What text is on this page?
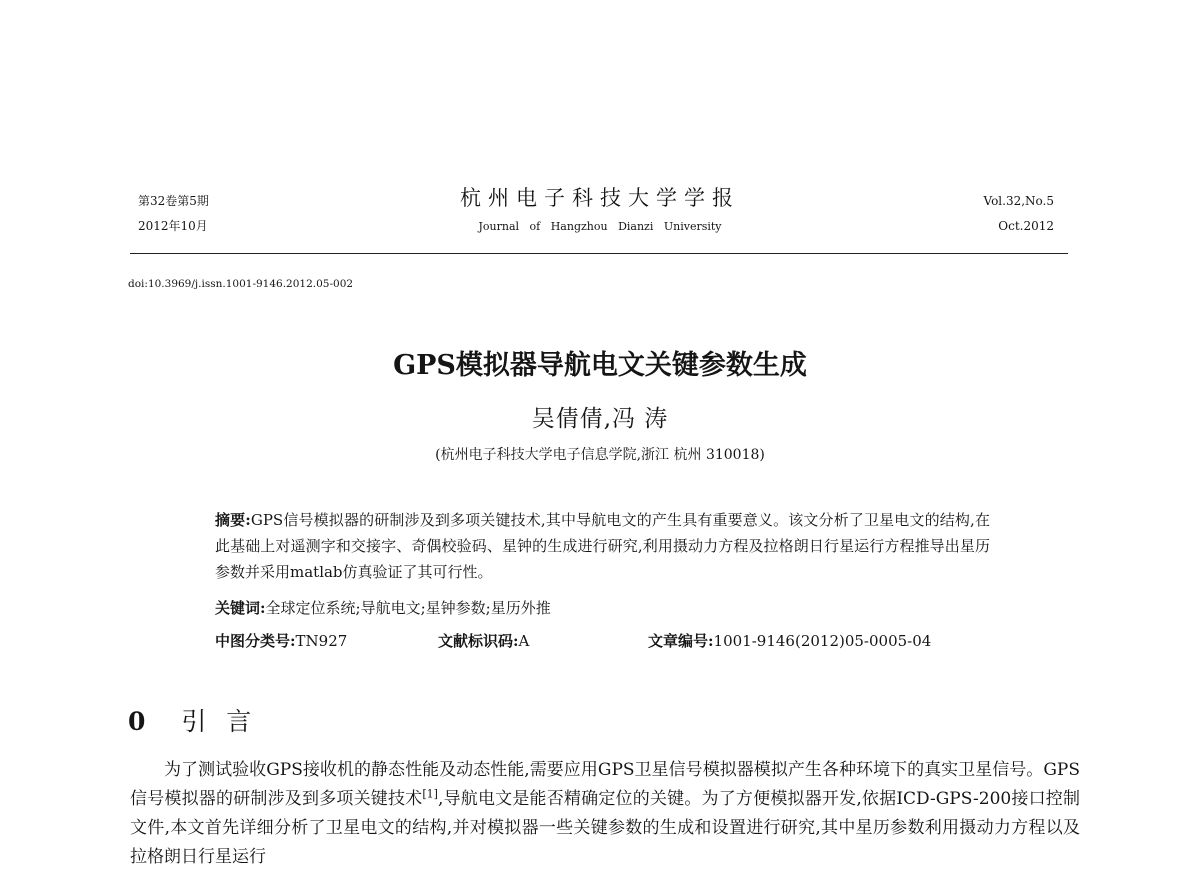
第32卷第5期
2012年10月
杭州电子科技大学学报
Journal of Hangzhou Dianzi University
Vol.32,No.5
Oct.2012
doi:10.3969/j.issn.1001-9146.2012.05-002
GPS模拟器导航电文关键参数生成
吴倩倩,冯 涛
(杭州电子科技大学电子信息学院,浙江 杭州 310018)
摘要:GPS信号模拟器的研制涉及到多项关键技术,其中导航电文的产生具有重要意义。该文分析了卫星电文的结构,在此基础上对遥测字和交接字、奇偶校验码、星钟的生成进行研究,利用摄动力方程及拉格朗日行星运行方程推导出星历参数并采用matlab仿真验证了其可行性。
关键词:全球定位系统;导航电文;星钟参数;星历外推
中图分类号:TN927	文献标识码:A	文章编号:1001-9146(2012)05-0005-04
0 引 言

为了测试验收GPS接收机的静态性能及动态性能,需要应用GPS卫星信号模拟器模拟产生各种环境下的真实卫星信号。GPS信号模拟器的研制涉及到多项关键技术[1],导航电文是能否精确定位的关键。为了方便模拟器开发,依据ICD-GPS-200接口控制文件,本文首先详细分析了卫星电文的结构,并对模拟器一些关键参数的生成和设置进行研究,其中星历参数利用摄动力方程以及拉格朗日行星运行
